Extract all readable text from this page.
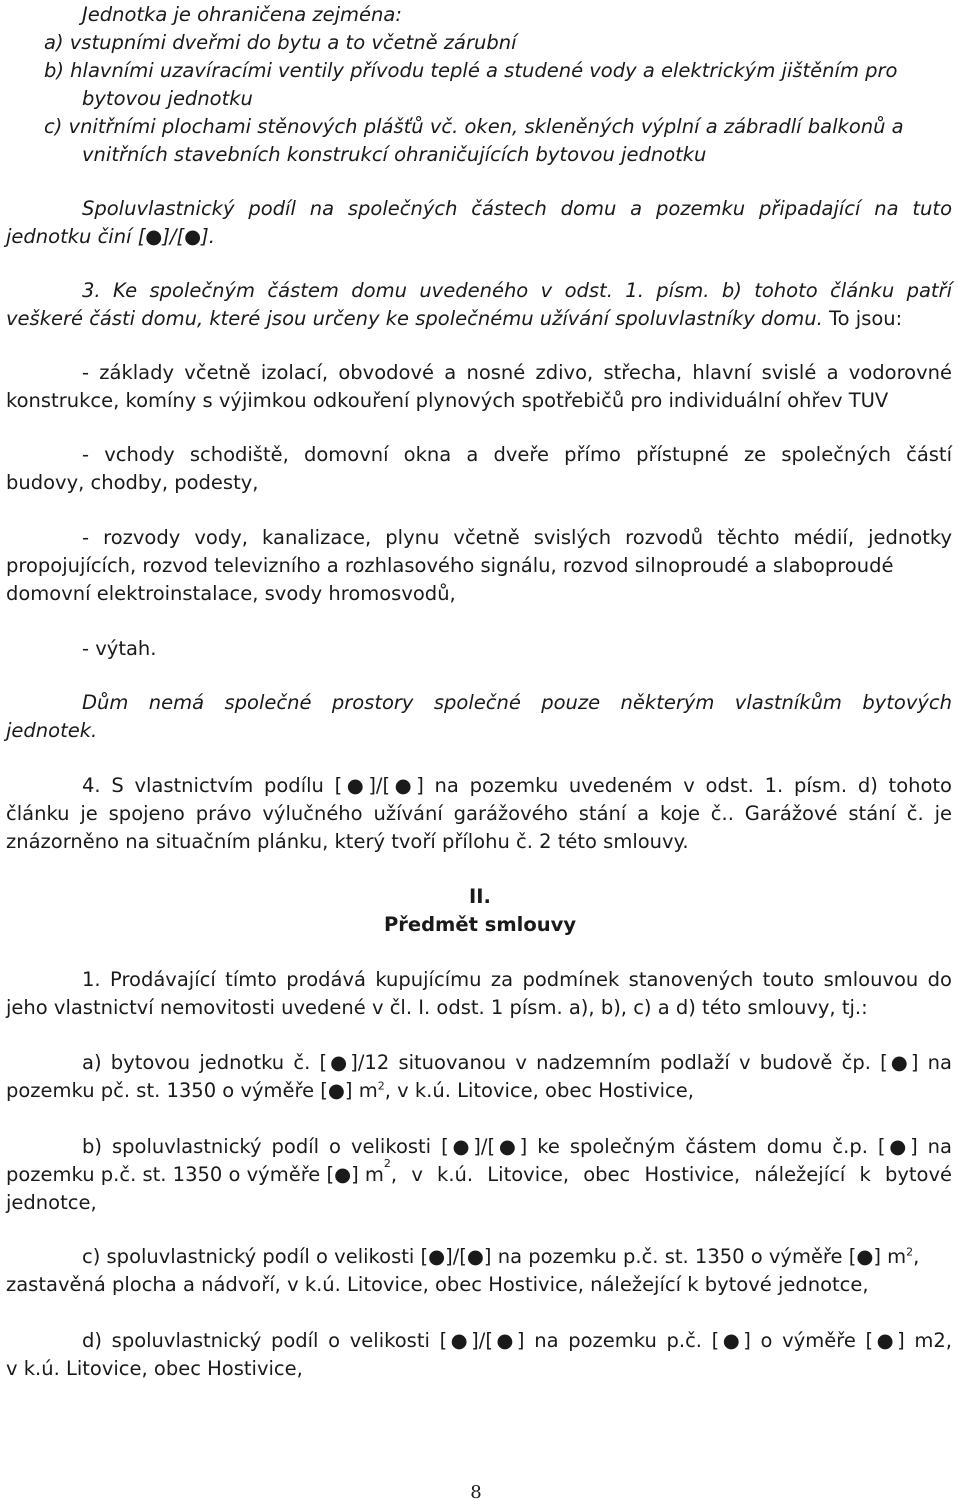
Jednotka je ohraničena zejména:
a) vstupními dveřmi do bytu a to včetně zárubní
b) hlavními uzavíracími ventily přívodu teplé a studené vody a elektrickým jištěním pro
bytovou jednotku
c) vnitřními plochami stěnových plášťů vč. oken, skleněných výplní a zábradlí balkonů a
vnitřních stavebních konstrukcí ohraničujících bytovou jednotku
Spoluvlastnický podíl na společných částech domu a pozemku připadající na tuto
jednotku činí [●]/[●].
3. Ke společným částem domu uvedeného v odst. 1. písm. b) tohoto článku patří
veškeré části domu, které jsou určeny ke společnému užívání spoluvlastníky domu. To jsou:
- základy včetně izolací, obvodové a nosné zdivo, střecha, hlavní svislé a vodorovné
konstrukce, komíny s výjimkou odkouření plynových spotřebičů pro individuální ohřev TUV
- vchody schodiště, domovní okna a dveře přímo přístupné ze společných částí
budovy, chodby, podesty,
- rozvody vody, kanalizace, plynu včetně svislých rozvodů těchto médií, jednotky
propojujících, rozvod televizního a rozhlasového signálu, rozvod silnoproudé a slaboproudé
domovní elektroinstalace, svody hromosvodů,
- výtah.
Dům nemá společné prostory společné pouze některým vlastníkům bytových
jednotek.
4. S vlastnictvím podílu [●]/[●] na pozemku uvedeném v odst. 1. písm. d) tohoto
článku je spojeno právo výlučného užívání garážového stání a koje č.. Garážové stání č. je
znázorněno na situačním plánku, který tvoří přílohu č. 2 této smlouvy.
II.
Předmět smlouvy
1. Prodávající tímto prodává kupujícímu za podmínek stanovených touto smlouvou do
jeho vlastnictví nemovitosti uvedené v čl. I. odst. 1 písm. a), b), c) a d) této smlouvy, tj.:
a) bytovou jednotku č. [●]/12 situovanou v nadzemním podlaží v budově čp. [●] na
pozemku pč. st. 1350 o výměře [●] $m^2$, v k.ú. Litovice, obec Hostivice,
b) spoluvlastnický podíl o velikosti [●]/[●] ke společným částem domu č.p. [●] na
pozemku p.č. st. 1350 o výměře [●] m 2 , v k.ú. Litovice, obec Hostivice, náležející k bytové
jednotce,
c) spoluvlastnický podíl o velikosti [●]/[●] na pozemku p.č. st. 1350 o výměře [●] $m^2$,
zastavěná plocha a nádvoří, v k.ú. Litovice, obec Hostivice, náležející k bytové jednotce,
d) spoluvlastnický podíl o velikosti [●]/[●] na pozemku p.č. [●] o výměře [●] m2,
v k.ú. Litovice, obec Hostivice,
8
